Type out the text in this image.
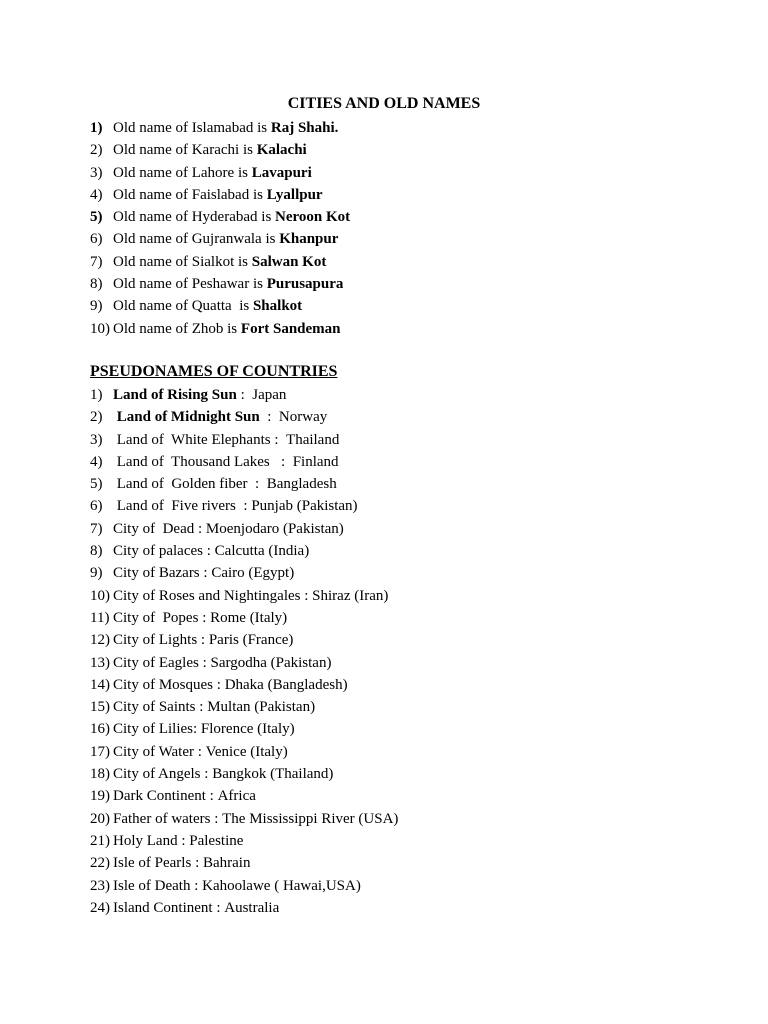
CITIES AND OLD NAMES
1) Old name of Islamabad is Raj Shahi.
2) Old name of Karachi is Kalachi
3) Old name of Lahore is Lavapuri
4) Old name of Faislabad is Lyallpur
5) Old name of Hyderabad is Neroon Kot
6) Old name of Gujranwala is Khanpur
7) Old name of Sialkot is Salwan Kot
8) Old name of Peshawar is Purusapura
9) Old name of Quatta  is Shalkot
10) Old name of Zhob is Fort Sandeman
PSEUDONAMES OF COUNTRIES
1) Land of Rising Sun : Japan
2) Land of Midnight Sun : Norway
3) Land of  White Elephants : Thailand
4) Land of  Thousand Lakes : Finland
5) Land of  Golden fiber : Bangladesh
6) Land of  Five rivers : Punjab (Pakistan)
7) City of  Dead : Moenjodaro (Pakistan)
8) City of palaces : Calcutta (India)
9) City of Bazars : Cairo (Egypt)
10) City of Roses and Nightingales : Shiraz (Iran)
11) City of  Popes : Rome (Italy)
12) City of Lights : Paris (France)
13) City of Eagles : Sargodha (Pakistan)
14) City of Mosques : Dhaka (Bangladesh)
15) City of Saints : Multan (Pakistan)
16) City of Lilies : Florence (Italy)
17) City of Water : Venice (Italy)
18) City of Angels : Bangkok (Thailand)
19) Dark Continent : Africa
20) Father of waters : The Mississippi River (USA)
21) Holy Land : Palestine
22) Isle of Pearls : Bahrain
23) Isle of Death : Kahoolawe ( Hawai,USA)
24) Island Continent : Australia
